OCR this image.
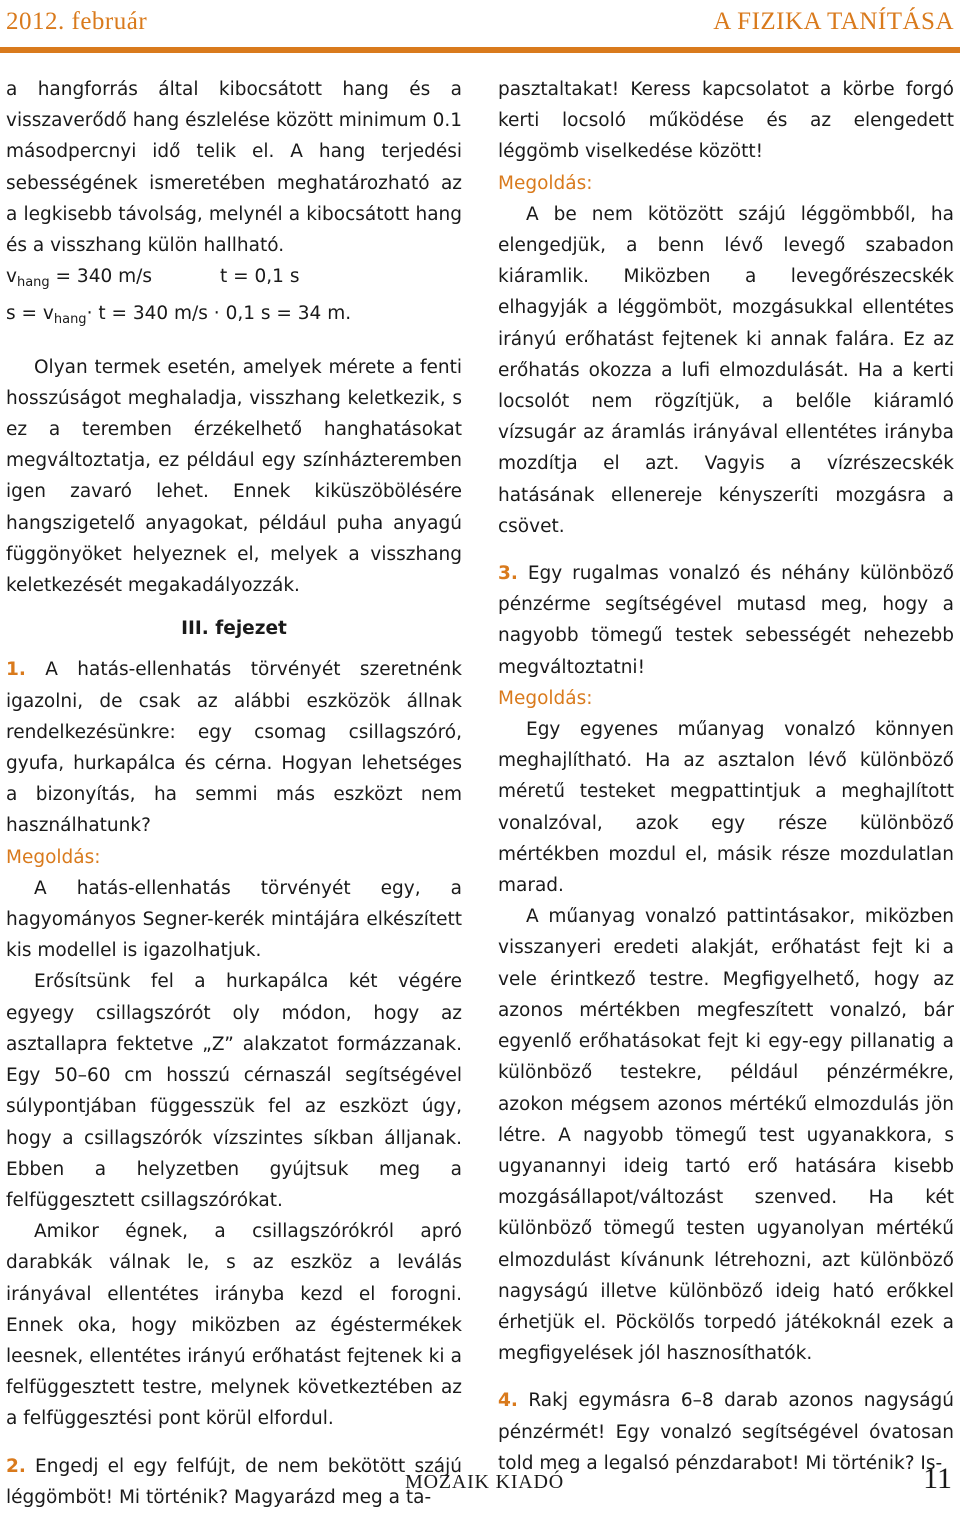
2012. február	A FIZIKA TANÍTÁSA

a hangforrás által kibocsátott hang és a visszaverődő hang észlelése között minimum 0.1 másodpercnyi idő telik el. A hang terjedési sebességének ismeretében meghatározható az a legkisebb távolság, melynél a kibocsátott hang és a visszhang külön hallható.

$v_{hang} = 340$ m/s	t = 0,1 s

$s = v_{hang}\cdot t = 340$ m/s · 0,1 s = 34 m.

Olyan termek esetén, amelyek mérete a fenti hosszúságot meghaladja, visszhang keletkezik, s ez a teremben érzékelhető hanghatásokat megváltoztatja, ez például egy színházteremben igen zavaró lehet. Ennek kiküszöbölésére hangszigetelő anyagokat, például puha anyagú függönyöket helyeznek el, melyek a visszhang keletkezését megakadályozzák.

III. fejezet

1. A hatás-ellenhatás törvényét szeretnénk igazolni, de csak az alábbi eszközök állnak rendelkezésünkre: egy csomag csillagszóró, gyufa, hurkapálca és cérna. Hogyan lehetséges a bizonyítás, ha semmi más eszközt nem használhatunk?

Megoldás:

A hatás-ellenhatás törvényét egy, a hagyományos Segner-kerék mintájára elkészített kis modellel is igazolhatjuk.

Erősítsünk fel a hurkapálca két végére egyegy csillagszórót oly módon, hogy az asztallapra fektetve „Z” alakzatot formázzanak. Egy 50–60 cm hosszú cérnaszál segítségével súlypontjában függesszük fel az eszközt úgy, hogy a csillagszórók vízszintes síkban álljanak. Ebben a helyzetben gyújtsuk meg a felfüggesztett csillagszórókat.

Amikor égnek, a csillagszórókról apró darabkák válnak le, s az eszköz a leválás irányával ellentétes irányba kezd el forogni. Ennek oka, hogy miközben az égéstermékek leesnek, ellentétes irányú erőhatást fejtenek ki a felfüggesztett testre, melynek következtében az a felfüggesztési pont körül elfordul.

2. Engedj el egy felfújt, de nem bekötött szájú léggömböt! Mi történik? Magyarázd meg a ta-

pasztaltakat! Keress kapcsolatot a körbe forgó kerti locsoló működése és az elengedett léggömb viselkedése között!

Megoldás:

A be nem kötözött szájú léggömbből, ha elengedjük, a benn lévő levegő szabadon kiáramlik. Miközben a levegőrészecskék elhagyják a léggömböt, mozgásukkal ellentétes irányú erőhatást fejtenek ki annak falára. Ez az erőhatás okozza a lufi elmozdulását. Ha a kerti locsolót nem rögzítjük, a belőle kiáramló vízsugár az áramlás irányával ellentétes irányba mozdítja el azt. Vagyis a vízrészecskék hatásának ellenereje kényszeríti mozgásra a csövet.

3. Egy rugalmas vonalzó és néhány különböző pénzérme segítségével mutasd meg, hogy a nagyobb tömegű testek sebességét nehezebb megváltoztatni!

Megoldás:

Egy egyenes műanyag vonalzó könnyen meghajlítható. Ha az asztalon lévő különböző méretű testeket megpattintjuk a meghajlított vonalzóval, azok egy része különböző mértékben mozdul el, másik része mozdulatlan marad.

A műanyag vonalzó pattintásakor, miközben visszanyeri eredeti alakját, erőhatást fejt ki a vele érintkező testre. Megfigyelhető, hogy az azonos mértékben megfeszített vonalzó, bár egyenlő erőhatásokat fejt ki egy-egy pillanatig a különböző testekre, például pénzérmékre, azokon mégsem azonos mértékű elmozdulás jön létre. A nagyobb tömegű test ugyanakkora, s ugyanannyi ideig tartó erő hatására kisebb mozgásállapot/változást szenved. Ha két különböző tömegű testen ugyanolyan mértékű elmozdulást kívánunk létrehozni, azt különböző nagyságú illetve különböző ideig ható erőkkel érhetjük el. Pöckölős torpedó játékoknál ezek a megfigyelések jól hasznosíthatók.

4. Rakj egymásra 6–8 darab azonos nagyságú pénzérmét! Egy vonalzó segítségével óvatosan told meg a legalsó pénzdarabot! Mi történik? Is-

MOZAIK KIADÓ	11
